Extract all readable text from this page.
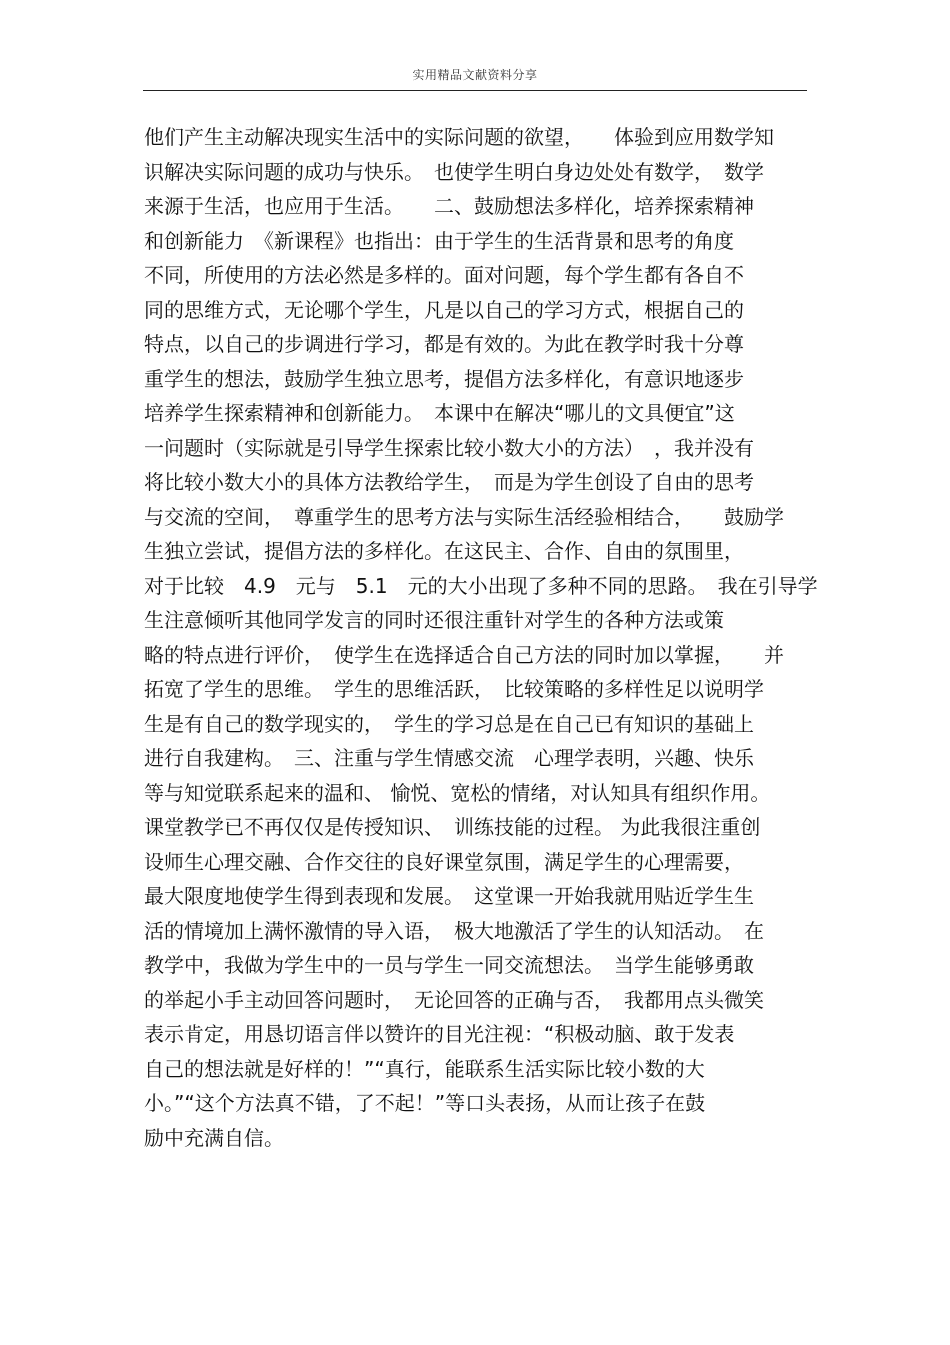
实用精品文献资料分享
他们产生主动解决现实生活中的实际问题的欲望，　　体验到应用数学知
识解决实际问题的成功与快乐。　也使学生明白身边处处有数学，　数学
来源于生活，也应用于生活。　　二、鼓励想法多样化，培养探索精神
和创新能力　《新课程》也指出：由于学生的生活背景和思考的角度
不同，所使用的方法必然是多样的。面对问题，每个学生都有各自不
同的思维方式，无论哪个学生，凡是以自己的学习方式，根据自己的
特点，以自己的步调进行学习，都是有效的。为此在教学时我十分尊
重学生的想法，鼓励学生独立思考，提倡方法多样化，有意识地逐步
培养学生探索精神和创新能力。　本课中在解决“哪儿的文具便宜”这
一问题时（实际就是引导学生探索比较小数大小的方法）　，我并没有
将比较小数大小的具体方法教给学生，　而是为学生创设了自由的思考
与交流的空间，　尊重学生的思考方法与实际生活经验相结合，　　鼓励学
生独立尝试，提倡方法的多样化。在这民主、合作、自由的氛围里，
对于比较　4.9　元与　5.1　元的大小出现了多种不同的思路。　我在引导学
生注意倾听其他同学发言的同时还很注重针对学生的各种方法或策
略的特点进行评价，　使学生在选择适合自己方法的同时加以掌握，　　并
拓宽了学生的思维。　学生的思维活跃，　比较策略的多样性足以说明学
生是有自己的数学现实的，　学生的学习总是在自己已有知识的基础上
进行自我建构。　三、注重与学生情感交流　心理学表明，兴趣、快乐
等与知觉联系起来的温和、 愉悦、宽松的情绪，对认知具有组织作用。
课堂教学已不再仅仅是传授知识、　训练技能的过程。 为此我很注重创
设师生心理交融、合作交往的良好课堂氛围，满足学生的心理需要，
最大限度地使学生得到表现和发展。　这堂课一开始我就用贴近学生生
活的情境加上满怀激情的导入语，　极大地激活了学生的认知活动。　在
教学中，我做为学生中的一员与学生一同交流想法。　当学生能够勇敢
的举起小手主动回答问题时，　无论回答的正确与否，　我都用点头微笑
表示肯定，用恳切语言伴以赞许的目光注视：“积极动脑、敢于发表
自己的想法就是好样的！”“真行，能联系生活实际比较小数的大
小。”“这个方法真不错，了不起！”等口头表扬，从而让孩子在鼓
励中充满自信。
